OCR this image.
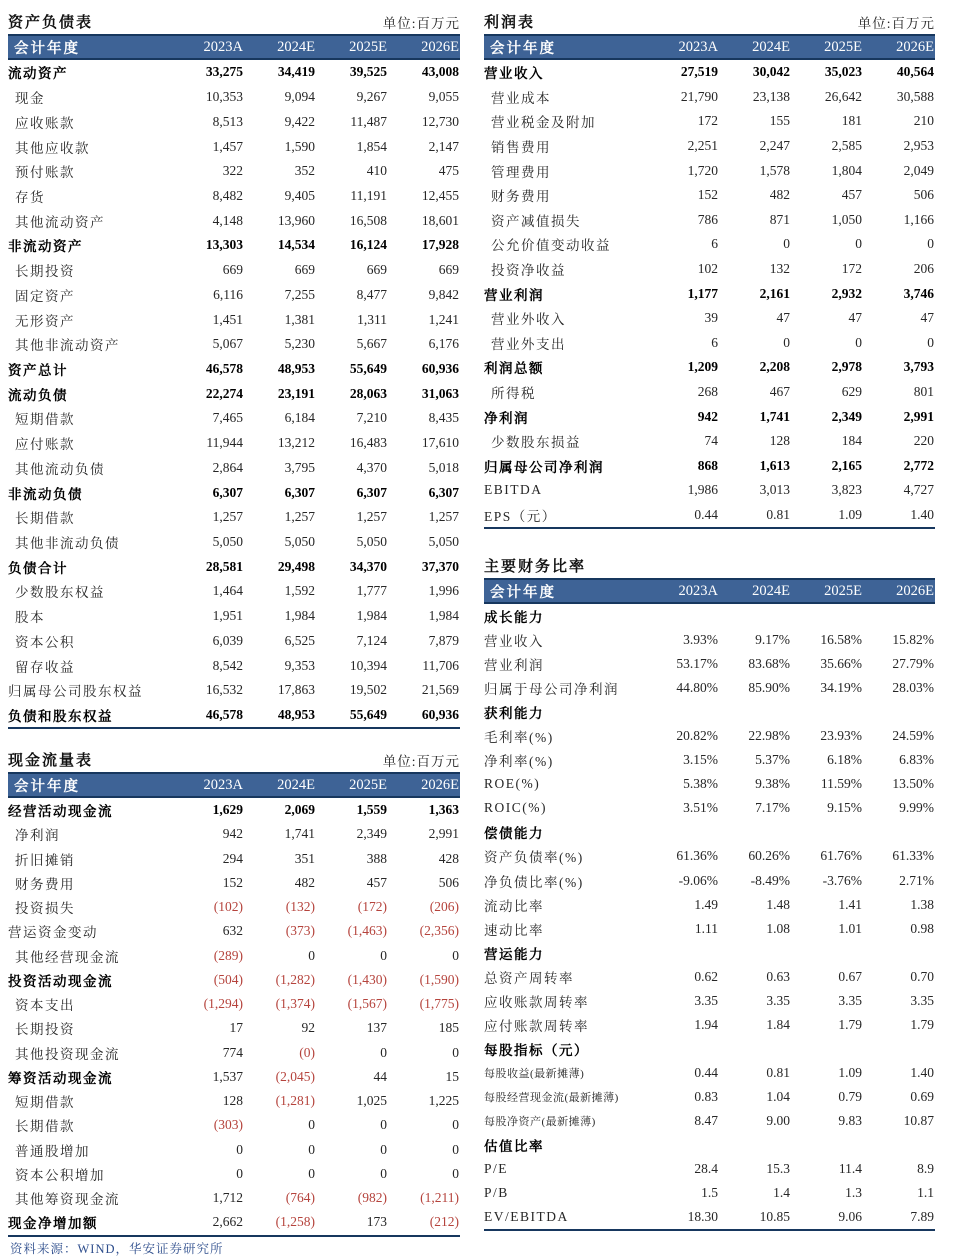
资产负债表	单位:百万元
会计年度	2023A	2024E	2025E	2026E
流动资产	33,275	34,419	39,525	43,008
现金	10,353	9,094	9,267	9,055
应收账款	8,513	9,422	11,487	12,730
其他应收款	1,457	1,590	1,854	2,147
预付账款	322	352	410	475
存货	8,482	9,405	11,191	12,455
其他流动资产	4,148	13,960	16,508	18,601
非流动资产	13,303	14,534	16,124	17,928
长期投资	669	669	669	669
固定资产	6,116	7,255	8,477	9,842
无形资产	1,451	1,381	1,311	1,241
其他非流动资产	5,067	5,230	5,667	6,176
资产总计	46,578	48,953	55,649	60,936
流动负债	22,274	23,191	28,063	31,063
短期借款	7,465	6,184	7,210	8,435
应付账款	11,944	13,212	16,483	17,610
其他流动负债	2,864	3,795	4,370	5,018
非流动负债	6,307	6,307	6,307	6,307
长期借款	1,257	1,257	1,257	1,257
其他非流动负债	5,050	5,050	5,050	5,050
负债合计	28,581	29,498	34,370	37,370
少数股东权益	1,464	1,592	1,777	1,996
股本	1,951	1,984	1,984	1,984
资本公积	6,039	6,525	7,124	7,879
留存收益	8,542	9,353	10,394	11,706
归属母公司股东权益	16,532	17,863	19,502	21,569
负债和股东权益	46,578	48,953	55,649	60,936
利润表	单位:百万元
会计年度	2023A	2024E	2025E	2026E
营业收入	27,519	30,042	35,023	40,564
营业成本	21,790	23,138	26,642	30,588
营业税金及附加	172	155	181	210
销售费用	2,251	2,247	2,585	2,953
管理费用	1,720	1,578	1,804	2,049
财务费用	152	482	457	506
资产减值损失	786	871	1,050	1,166
公允价值变动收益	6	0	0	0
投资净收益	102	132	172	206
营业利润	1,177	2,161	2,932	3,746
营业外收入	39	47	47	47
营业外支出	6	0	0	0
利润总额	1,209	2,208	2,978	3,793
所得税	268	467	629	801
净利润	942	1,741	2,349	2,991
少数股东损益	74	128	184	220
归属母公司净利润	868	1,613	2,165	2,772
EBITDA	1,986	3,013	3,823	4,727
EPS（元）	0.44	0.81	1.09	1.40
现金流量表	单位:百万元
会计年度	2023A	2024E	2025E	2026E
经营活动现金流	1,629	2,069	1,559	1,363
净利润	942	1,741	2,349	2,991
折旧摊销	294	351	388	428
财务费用	152	482	457	506
投资损失	(102)	(132)	(172)	(206)
营运资金变动	632	(373)	(1,463)	(2,356)
其他经营现金流	(289)	0	0	0
投资活动现金流	(504)	(1,282)	(1,430)	(1,590)
资本支出	(1,294)	(1,374)	(1,567)	(1,775)
长期投资	17	92	137	185
其他投资现金流	774	(0)	0	0
筹资活动现金流	1,537	(2,045)	44	15
短期借款	128	(1,281)	1,025	1,225
长期借款	(303)	0	0	0
普通股增加	0	0	0	0
资本公积增加	0	0	0	0
其他筹资现金流	1,712	(764)	(982)	(1,211)
现金净增加额	2,662	(1,258)	173	(212)
主要财务比率
会计年度	2023A	2024E	2025E	2026E
成长能力
营业收入	3.93%	9.17%	16.58%	15.82%
营业利润	53.17%	83.68%	35.66%	27.79%
归属于母公司净利润	44.80%	85.90%	34.19%	28.03%
获利能力
毛利率(%)	20.82%	22.98%	23.93%	24.59%
净利率(%)	3.15%	5.37%	6.18%	6.83%
ROE(%)	5.38%	9.38%	11.59%	13.50%
ROIC(%)	3.51%	7.17%	9.15%	9.99%
偿债能力
资产负债率(%)	61.36%	60.26%	61.76%	61.33%
净负债比率(%)	-9.06%	-8.49%	-3.76%	2.71%
流动比率	1.49	1.48	1.41	1.38
速动比率	1.11	1.08	1.01	0.98
营运能力
总资产周转率	0.62	0.63	0.67	0.70
应收账款周转率	3.35	3.35	3.35	3.35
应付账款周转率	1.94	1.84	1.79	1.79
每股指标（元）
每股收益(最新摊薄)	0.44	0.81	1.09	1.40
每股经营现金流(最新摊薄)	0.83	1.04	0.79	0.69
每股净资产(最新摊薄)	8.47	9.00	9.83	10.87
估值比率
P/E	28.4	15.3	11.4	8.9
P/B	1.5	1.4	1.3	1.1
EV/EBITDA	18.30	10.85	9.06	7.89
资料来源：WIND，华安证券研究所
